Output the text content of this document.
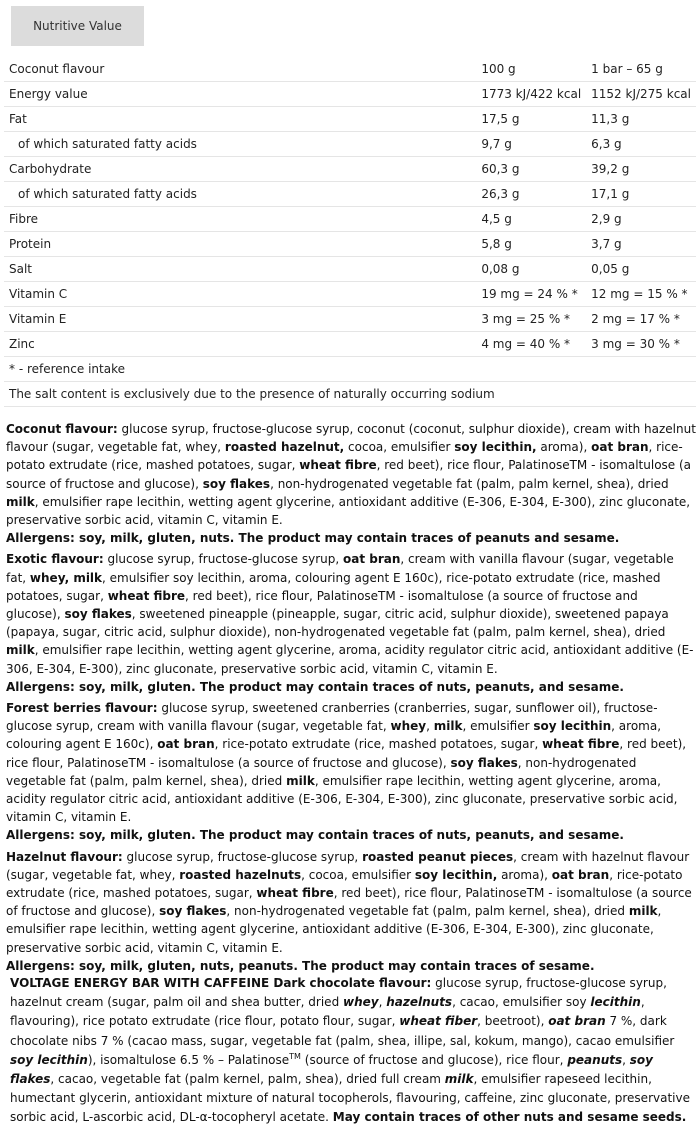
Nutritive Value
Coconut flavour	100 g	1 bar – 65 g
Energy value	1773 kJ/422 kcal	1152 kJ/275 kcal
Fat	17,5 g	11,3 g
of which saturated fatty acids	9,7 g	6,3 g
Carbohydrate	60,3 g	39,2 g
of which saturated fatty acids	26,3 g	17,1 g
Fibre	4,5 g	2,9 g
Protein	5,8 g	3,7 g
Salt	0,08 g	0,05 g
Vitamin C	19 mg = 24 % *	12 mg = 15 % *
Vitamin E	3 mg = 25 % *	2 mg = 17 % *
Zinc	4 mg = 40 % *	3 mg = 30 % *
* - reference intake		
The salt content is exclusively due to the presence of naturally occurring sodium		

Coconut flavour: glucose syrup, fructose-glucose syrup, coconut (coconut, sulphur dioxide), cream with hazelnut flavour (sugar, vegetable fat, whey, roasted hazelnut, cocoa, emulsifier soy lecithin, aroma), oat bran, rice-potato extrudate (rice, mashed potatoes, sugar, wheat fibre, red beet), rice flour, PalatinoseTM - isomaltulose (a source of fructose and glucose), soy flakes, non-hydrogenated vegetable fat (palm, palm kernel, shea), dried milk, emulsifier rape lecithin, wetting agent glycerine, antioxidant additive (E-306, E-304, E-300), zinc gluconate, preservative sorbic acid, vitamin C, vitamin E.

Allergens: soy, milk, gluten, nuts. The product may contain traces of peanuts and sesame.

Exotic flavour: glucose syrup, fructose-glucose syrup, oat bran, cream with vanilla flavour (sugar, vegetable fat, whey, milk, emulsifier soy lecithin, aroma, colouring agent E 160c), rice-potato extrudate (rice, mashed potatoes, sugar, wheat fibre, red beet), rice flour, PalatinoseTM - isomaltulose (a source of fructose and glucose), soy flakes, sweetened pineapple (pineapple, sugar, citric acid, sulphur dioxide), sweetened papaya (papaya, sugar, citric acid, sulphur dioxide), non-hydrogenated vegetable fat (palm, palm kernel, shea), dried milk, emulsifier rape lecithin, wetting agent glycerine, aroma, acidity regulator citric acid, antioxidant additive (E-306, E-304, E-300), zinc gluconate, preservative sorbic acid, vitamin C, vitamin E.

Allergens: soy, milk, gluten. The product may contain traces of nuts, peanuts, and sesame.

Forest berries flavour: glucose syrup, sweetened cranberries (cranberries, sugar, sunflower oil), fructose-glucose syrup, cream with vanilla flavour (sugar, vegetable fat, whey, milk, emulsifier soy lecithin, aroma, colouring agent E 160c), oat bran, rice-potato extrudate (rice, mashed potatoes, sugar, wheat fibre, red beet), rice flour, PalatinoseTM - isomaltulose (a source of fructose and glucose), soy flakes, non-hydrogenated vegetable fat (palm, palm kernel, shea), dried milk, emulsifier rape lecithin, wetting agent glycerine, aroma, acidity regulator citric acid, antioxidant additive (E-306, E-304, E-300), zinc gluconate, preservative sorbic acid, vitamin C, vitamin E.

Allergens: soy, milk, gluten. The product may contain traces of nuts, peanuts, and sesame.

Hazelnut flavour: glucose syrup, fructose-glucose syrup, roasted peanut pieces, cream with hazelnut flavour (sugar, vegetable fat, whey, roasted hazelnuts, cocoa, emulsifier soy lecithin, aroma), oat bran, rice-potato extrudate (rice, mashed potatoes, sugar, wheat fibre, red beet), rice flour, PalatinoseTM - isomaltulose (a source of fructose and glucose), soy flakes, non-hydrogenated vegetable fat (palm, palm kernel, shea), dried milk, emulsifier rape lecithin, wetting agent glycerine, antioxidant additive (E-306, E-304, E-300), zinc gluconate, preservative sorbic acid, vitamin C, vitamin E.

Allergens: soy, milk, gluten, nuts, peanuts. The product may contain traces of sesame.

VOLTAGE ENERGY BAR WITH CAFFEINE Dark chocolate flavour: glucose syrup, fructose-glucose syrup, hazelnut cream (sugar, palm oil and shea butter, dried whey, hazelnuts, cacao, emulsifier soy lecithin, flavouring), rice potato extrudate (rice flour, potato flour, sugar, wheat fiber, beetroot), oat bran 7 %, dark chocolate nibs 7 % (cacao mass, sugar, vegetable fat (palm, shea, illipe, sal, kokum, mango), cacao emulsifier soy lecithin), isomaltulose 6.5 % – Palatinose™ (source of fructose and glucose), rice flour, peanuts, soy flakes, cacao, vegetable fat (palm kernel, palm, shea), dried full cream milk, emulsifier rapeseed lecithin, humectant glycerin, antioxidant mixture of natural tocopherols, flavouring, caffeine, zinc gluconate, preservative sorbic acid, L-ascorbic acid, DL-α-tocopheryl acetate. May contain traces of other nuts and sesame seeds.
